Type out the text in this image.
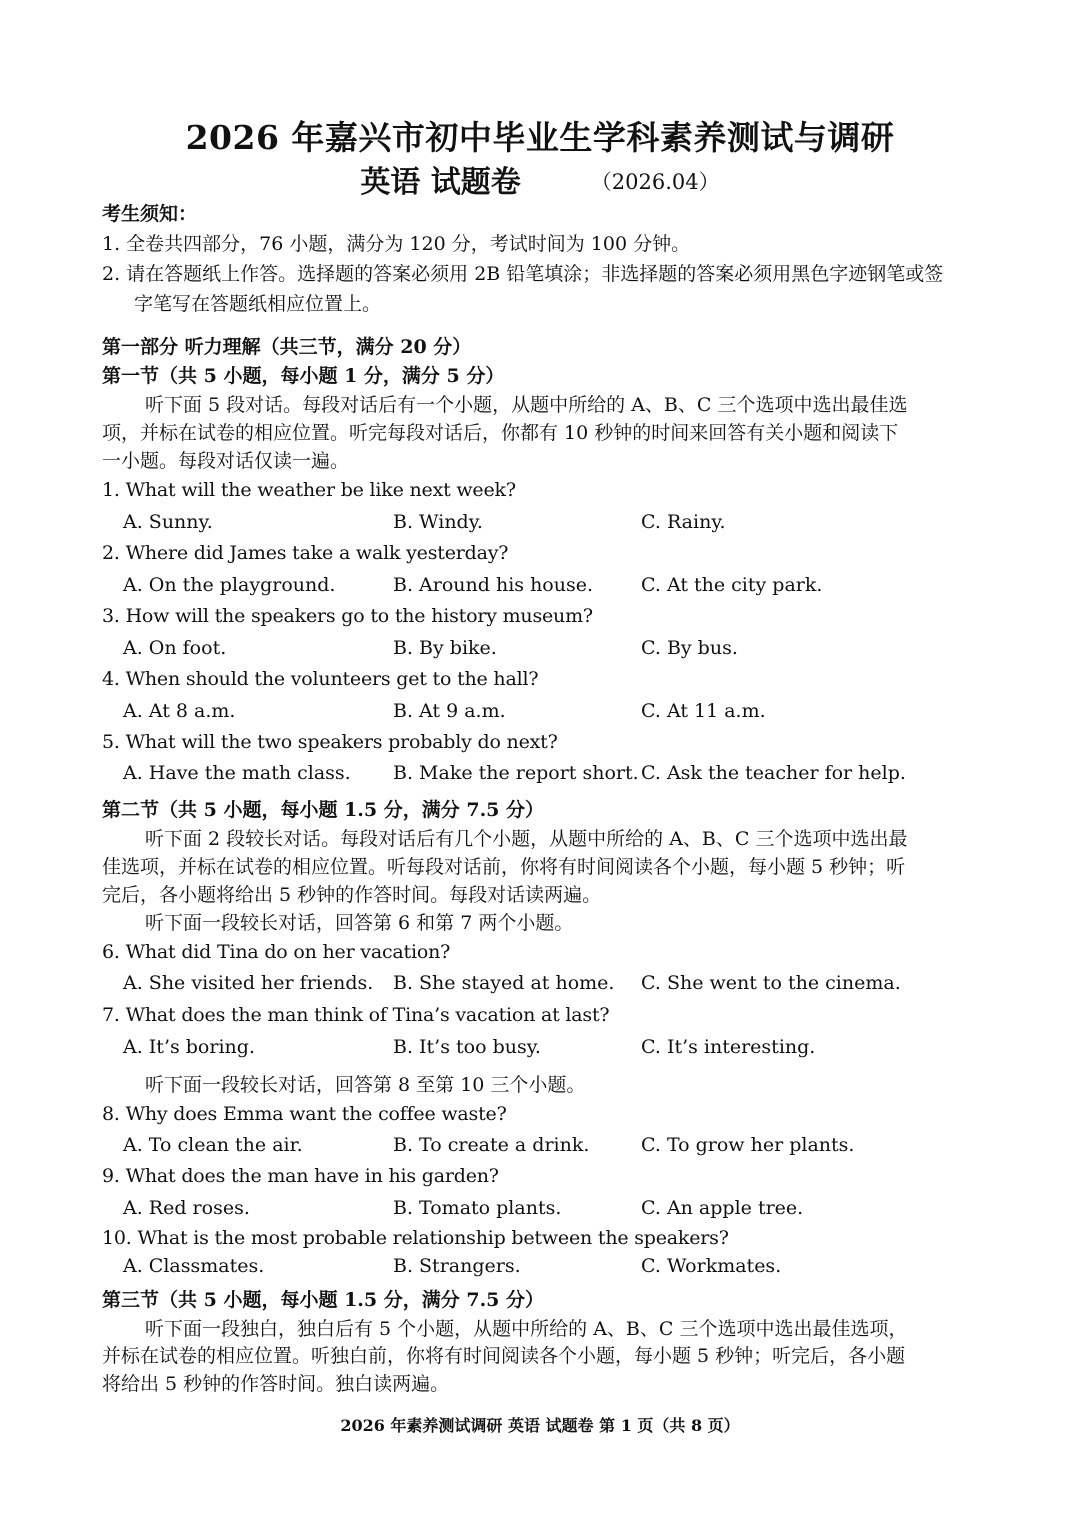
2026 年嘉兴市初中毕业生学科素养测试与调研
英语 试题卷	（2026.04）
考生须知：
1. 全卷共四部分，76 小题，满分为 120 分，考试时间为 100 分钟。
2. 请在答题纸上作答。选择题的答案必须用 2B 铅笔填涂；非选择题的答案必须用黑色字迹钢笔或签
字笔写在答题纸相应位置上。
第一部分 听力理解（共三节，满分 20 分）
第一节（共 5 小题，每小题 1 分，满分 5 分）
听下面 5 段对话。每段对话后有一个小题，从题中所给的 A、B、C 三个选项中选出最佳选
项，并标在试卷的相应位置。听完每段对话后，你都有 10 秒钟的时间来回答有关小题和阅读下
一小题。每段对话仅读一遍。
1. What will the weather be like next week?
A. Sunny.	B. Windy.	C. Rainy.
2. Where did James take a walk yesterday?
A. On the playground.	B. Around his house.	C. At the city park.
3. How will the speakers go to the history museum?
A. On foot.	B. By bike.	C. By bus.
4. When should the volunteers get to the hall?
A. At 8 a.m.	B. At 9 a.m.	C. At 11 a.m.
5. What will the two speakers probably do next?
A. Have the math class. B. Make the report short. C. Ask the teacher for help.
第二节（共 5 小题，每小题 1.5 分，满分 7.5 分）
听下面 2 段较长对话。每段对话后有几个小题，从题中所给的 A、B、C 三个选项中选出最
佳选项，并标在试卷的相应位置。听每段对话前，你将有时间阅读各个小题，每小题 5 秒钟；听
完后，各小题将给出 5 秒钟的作答时间。每段对话读两遍。
听下面一段较长对话，回答第 6 和第 7 两个小题。
6. What did Tina do on her vacation?
A. She visited her friends. B. She stayed at home. C. She went to the cinema.
7. What does the man think of Tina’s vacation at last?
A. It’s boring.	B. It’s too busy.	C. It’s interesting.
听下面一段较长对话，回答第 8 至第 10 三个小题。
8. Why does Emma want the coffee waste?
A. To clean the air.	B. To create a drink.	C. To grow her plants.
9. What does the man have in his garden?
A. Red roses.	B. Tomato plants.	C. An apple tree.
10. What is the most probable relationship between the speakers?
A. Classmates.	B. Strangers.	C. Workmates.
第三节（共 5 小题，每小题 1.5 分，满分 7.5 分）
听下面一段独白，独白后有 5 个小题，从题中所给的 A、B、C 三个选项中选出最佳选项，
并标在试卷的相应位置。听独白前，你将有时间阅读各个小题，每小题 5 秒钟；听完后，各小题
将给出 5 秒钟的作答时间。独白读两遍。
2026 年素养测试调研 英语 试题卷 第 1 页（共 8 页）
